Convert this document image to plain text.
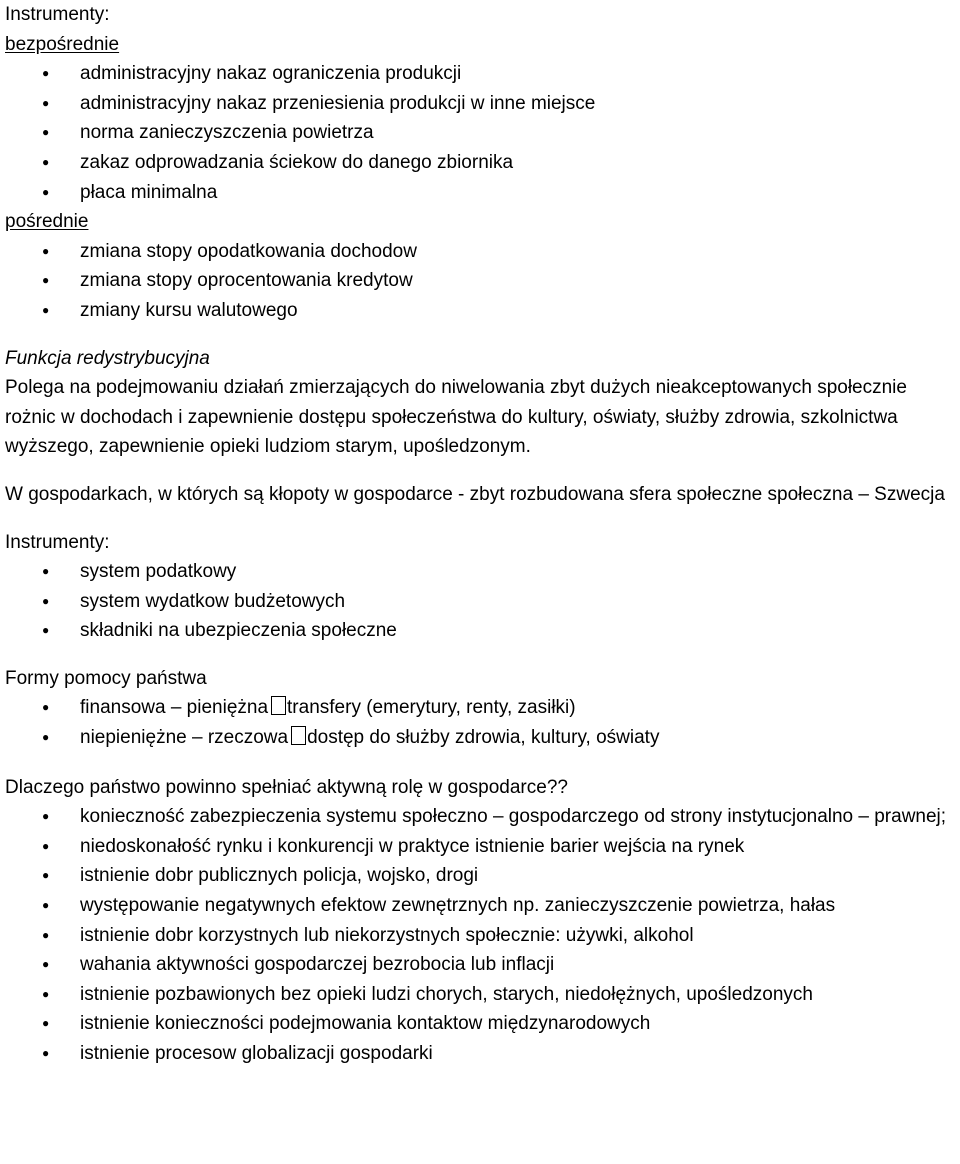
Instrumenty:
bezpośrednie
● administracyjny nakaz ograniczenia produkcji
● administracyjny nakaz przeniesienia produkcji w inne miejsce
● norma zanieczyszczenia powietrza
● zakaz odprowadzania ściekow do danego zbiornika
● płaca minimalna
pośrednie
● zmiana stopy opodatkowania dochodow
● zmiana stopy oprocentowania kredytow
● zmiany kursu walutowego
Funkcja redystrybucyjna
Polega na podejmowaniu działań zmierzających do niwelowania zbyt dużych nieakceptowanych społecznie rożnic w dochodach i zapewnienie dostępu społeczeństwa do kultury, oświaty, służby zdrowia, szkolnictwa wyższego, zapewnienie opieki ludziom starym, upośledzonym.
W gospodarkach, w których są kłopoty w gospodarce - zbyt rozbudowana sfera społeczne społeczna – Szwecja
Instrumenty:
● system podatkowy
● system wydatkow budżetowych
● składniki na ubezpieczenia społeczne
Formy pomocy państwa
● finansowa – pieniężna transfery (emerytury, renty, zasiłki)
● niepieniężne – rzeczowa dostęp do służby zdrowia, kultury, oświaty
Dlaczego państwo powinno spełniać aktywną rolę w gospodarce??
● konieczność zabezpieczenia systemu społeczno – gospodarczego od strony instytucjonalno – prawnej;
● niedoskonałość rynku i konkurencji w praktyce istnienie barier wejścia na rynek
● istnienie dobr publicznych policja, wojsko, drogi
● występowanie negatywnych efektow zewnętrznych np. zanieczyszczenie powietrza, hałas
● istnienie dobr korzystnych lub niekorzystnych społecznie: używki, alkohol
● wahania aktywności gospodarczej bezrobocia lub inflacji
● istnienie pozbawionych bez opieki ludzi chorych, starych, niedołężnych, upośledzonych
● istnienie konieczności podejmowania kontaktow międzynarodowych
● istnienie procesow globalizacji gospodarki
